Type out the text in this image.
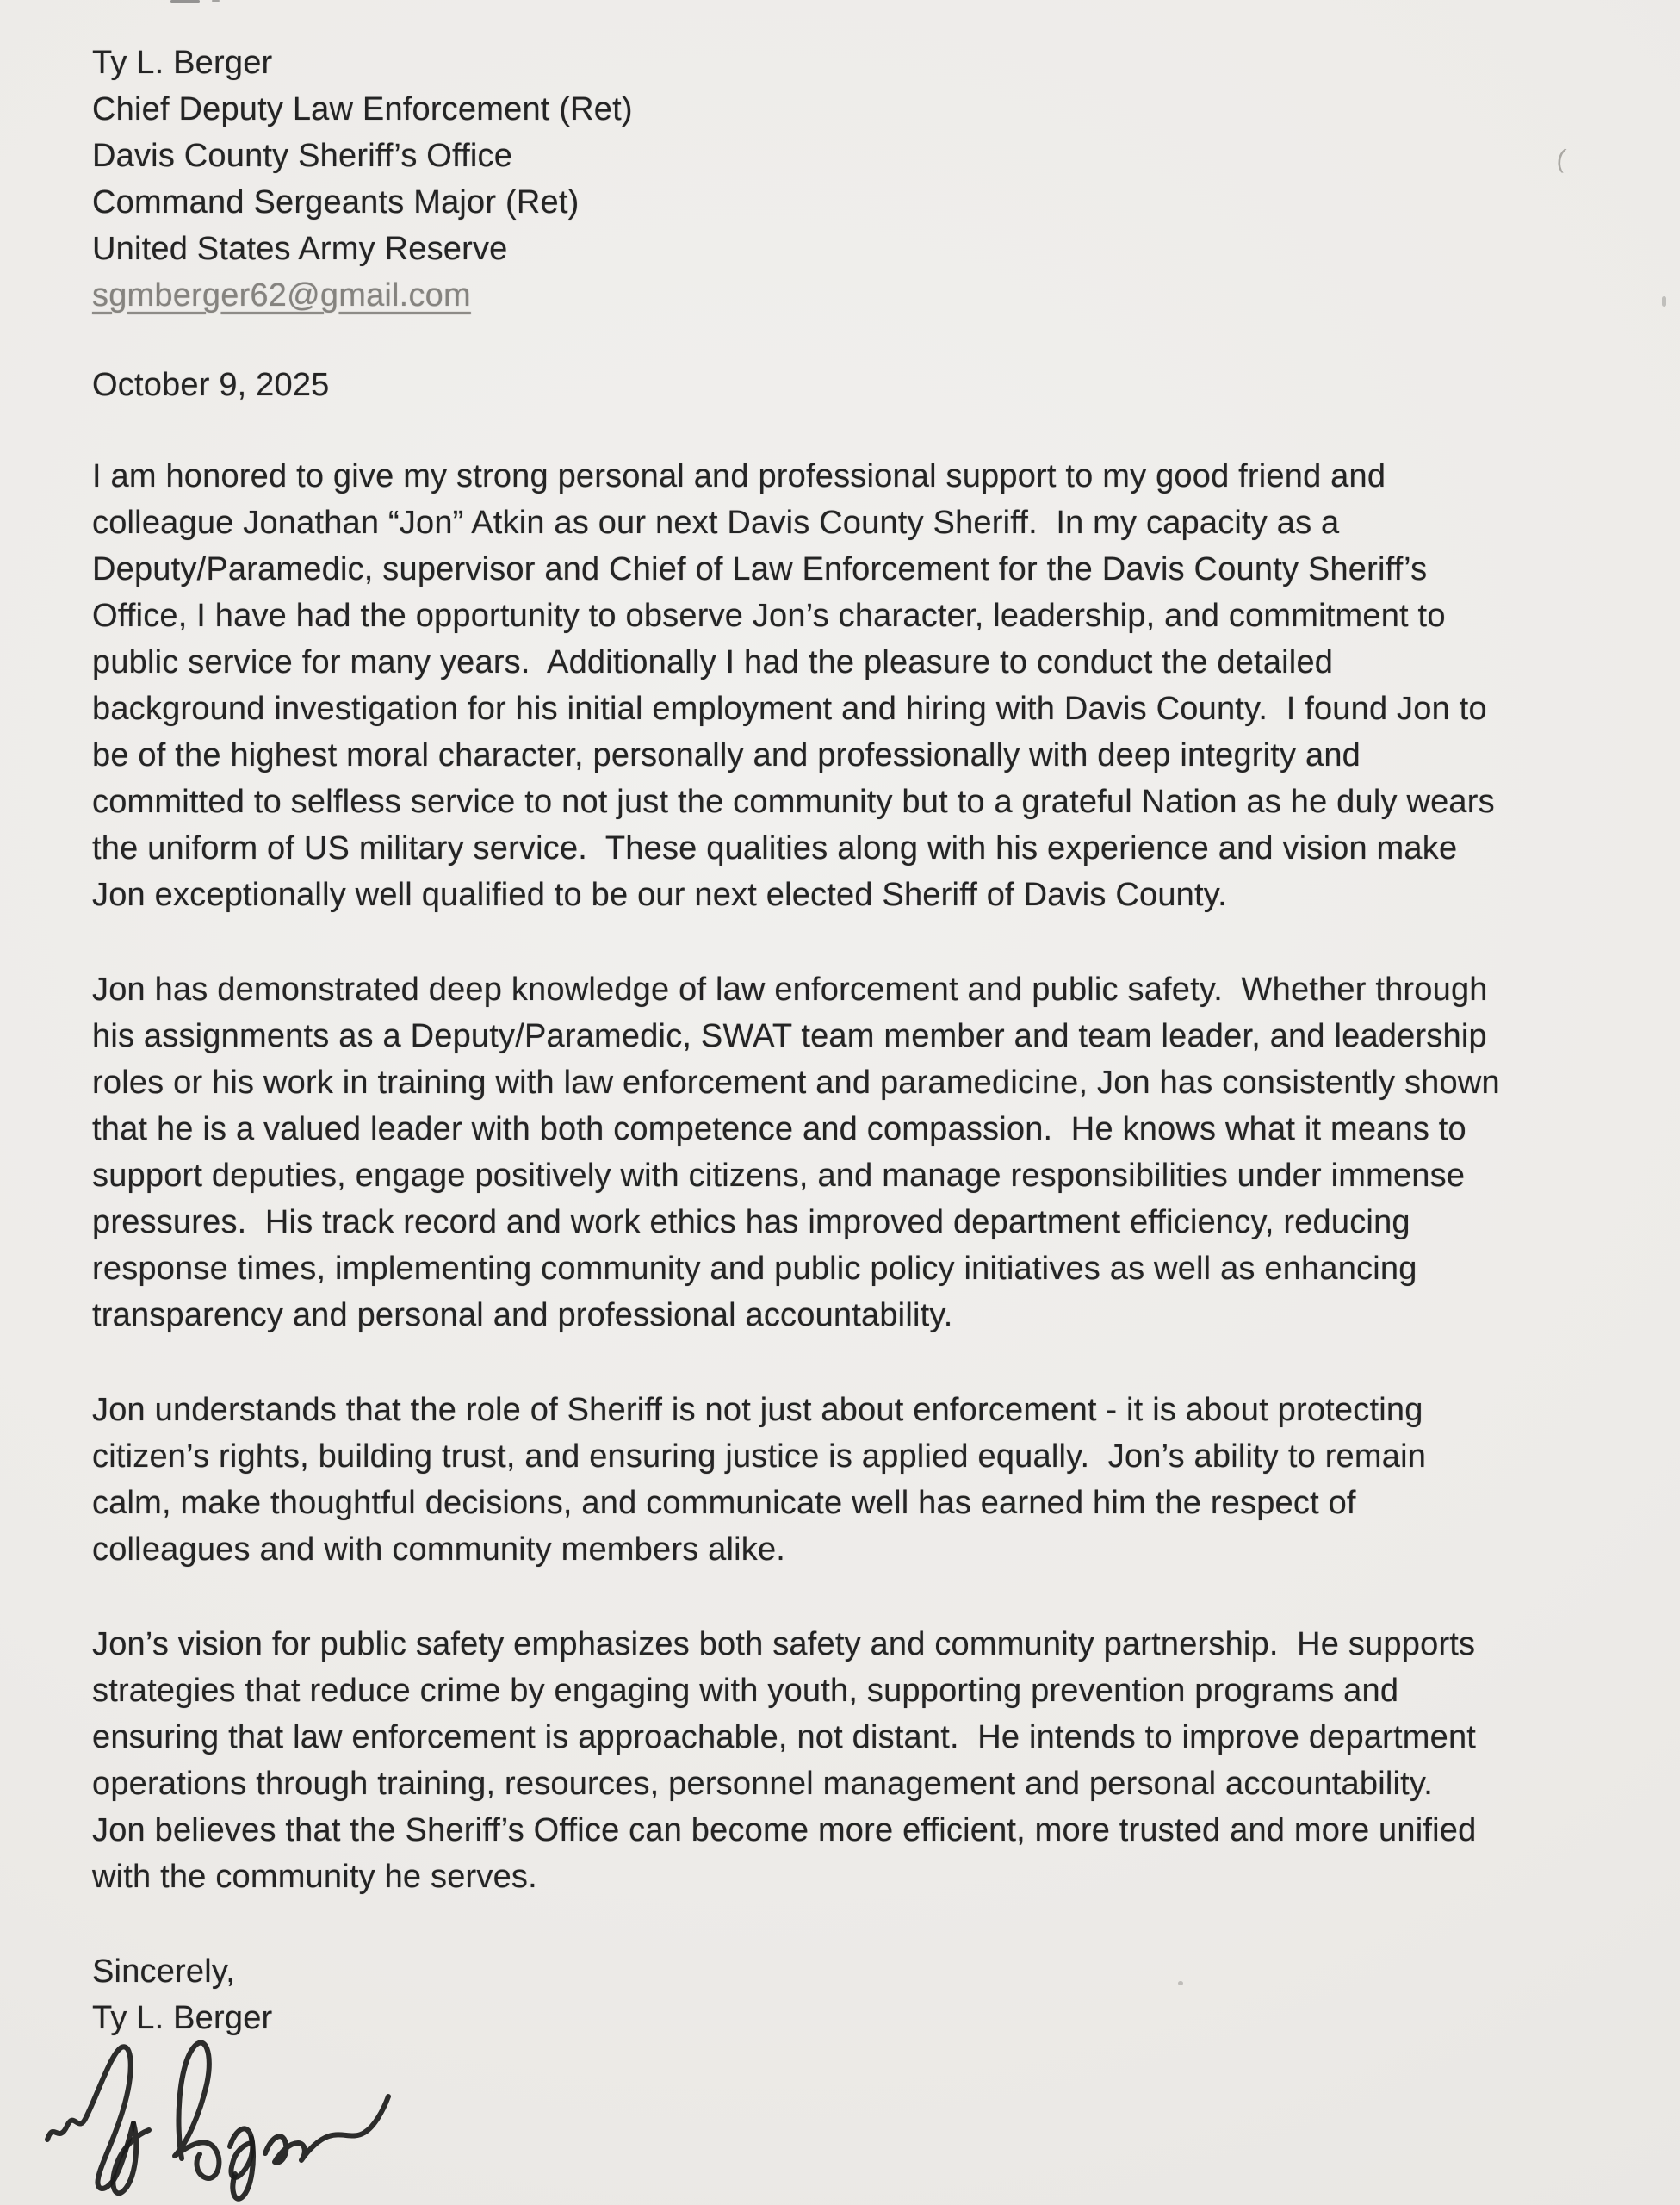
Ty L. Berger
Chief Deputy Law Enforcement (Ret)
Davis County Sheriff’s Office
Command Sergeants Major (Ret)
United States Army Reserve
sgmberger62@gmail.com
October 9, 2025
I am honored to give my strong personal and professional support to my good friend and
colleague Jonathan “Jon” Atkin as our next Davis County Sheriff.  In my capacity as a
Deputy/Paramedic, supervisor and Chief of Law Enforcement for the Davis County Sheriff’s
Office, I have had the opportunity to observe Jon’s character, leadership, and commitment to
public service for many years.  Additionally I had the pleasure to conduct the detailed
background investigation for his initial employment and hiring with Davis County.  I found Jon to
be of the highest moral character, personally and professionally with deep integrity and
committed to selfless service to not just the community but to a grateful Nation as he duly wears
the uniform of US military service.  These qualities along with his experience and vision make
Jon exceptionally well qualified to be our next elected Sheriff of Davis County.
Jon has demonstrated deep knowledge of law enforcement and public safety.  Whether through
his assignments as a Deputy/Paramedic, SWAT team member and team leader, and leadership
roles or his work in training with law enforcement and paramedicine, Jon has consistently shown
that he is a valued leader with both competence and compassion.  He knows what it means to
support deputies, engage positively with citizens, and manage responsibilities under immense
pressures.  His track record and work ethics has improved department efficiency, reducing
response times, implementing community and public policy initiatives as well as enhancing
transparency and personal and professional accountability.
Jon understands that the role of Sheriff is not just about enforcement - it is about protecting
citizen’s rights, building trust, and ensuring justice is applied equally.  Jon’s ability to remain
calm, make thoughtful decisions, and communicate well has earned him the respect of
colleagues and with community members alike.
Jon’s vision for public safety emphasizes both safety and community partnership.  He supports
strategies that reduce crime by engaging with youth, supporting prevention programs and
ensuring that law enforcement is approachable, not distant.  He intends to improve department
operations through training, resources, personnel management and personal accountability.
Jon believes that the Sheriff’s Office can become more efficient, more trusted and more unified
with the community he serves.
Sincerely,
Ty L. Berger
(
